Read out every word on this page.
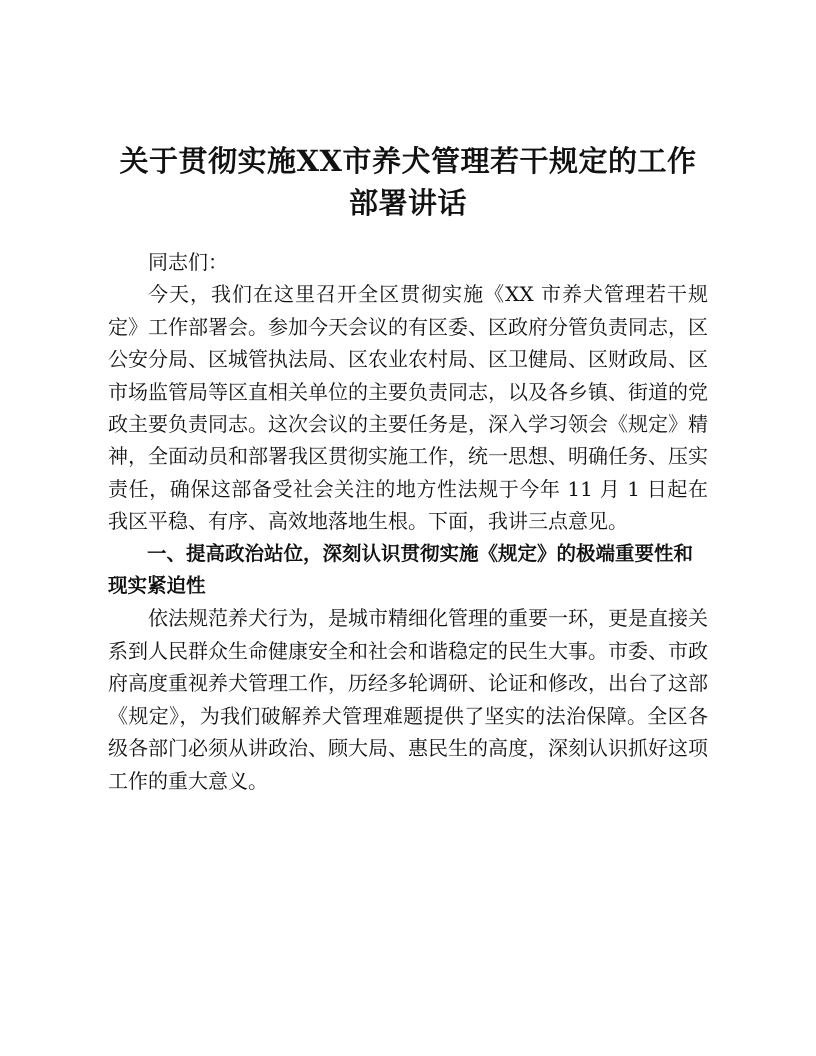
关于贯彻实施XX市养犬管理若干规定的工作
部署讲话

同志们：

今天，我们在这里召开全区贯彻实施《XX 市养犬管理若干规定》工作部署会。参加今天会议的有区委、区政府分管负责同志，区公安分局、区城管执法局、区农业农村局、区卫健局、区财政局、区市场监管局等区直相关单位的主要负责同志，以及各乡镇、街道的党政主要负责同志。这次会议的主要任务是，深入学习领会《规定》精神，全面动员和部署我区贯彻实施工作，统一思想、明确任务、压实责任，确保这部备受社会关注的地方性法规于今年 11 月 1 日起在我区平稳、有序、高效地落地生根。下面，我讲三点意见。

一、提高政治站位，深刻认识贯彻实施《规定》的极端重要性和现实紧迫性

依法规范养犬行为，是城市精细化管理的重要一环，更是直接关系到人民群众生命健康安全和社会和谐稳定的民生大事。市委、市政府高度重视养犬管理工作，历经多轮调研、论证和修改，出台了这部《规定》，为我们破解养犬管理难题提供了坚实的法治保障。全区各级各部门必须从讲政治、顾大局、惠民生的高度，深刻认识抓好这项工作的重大意义。
